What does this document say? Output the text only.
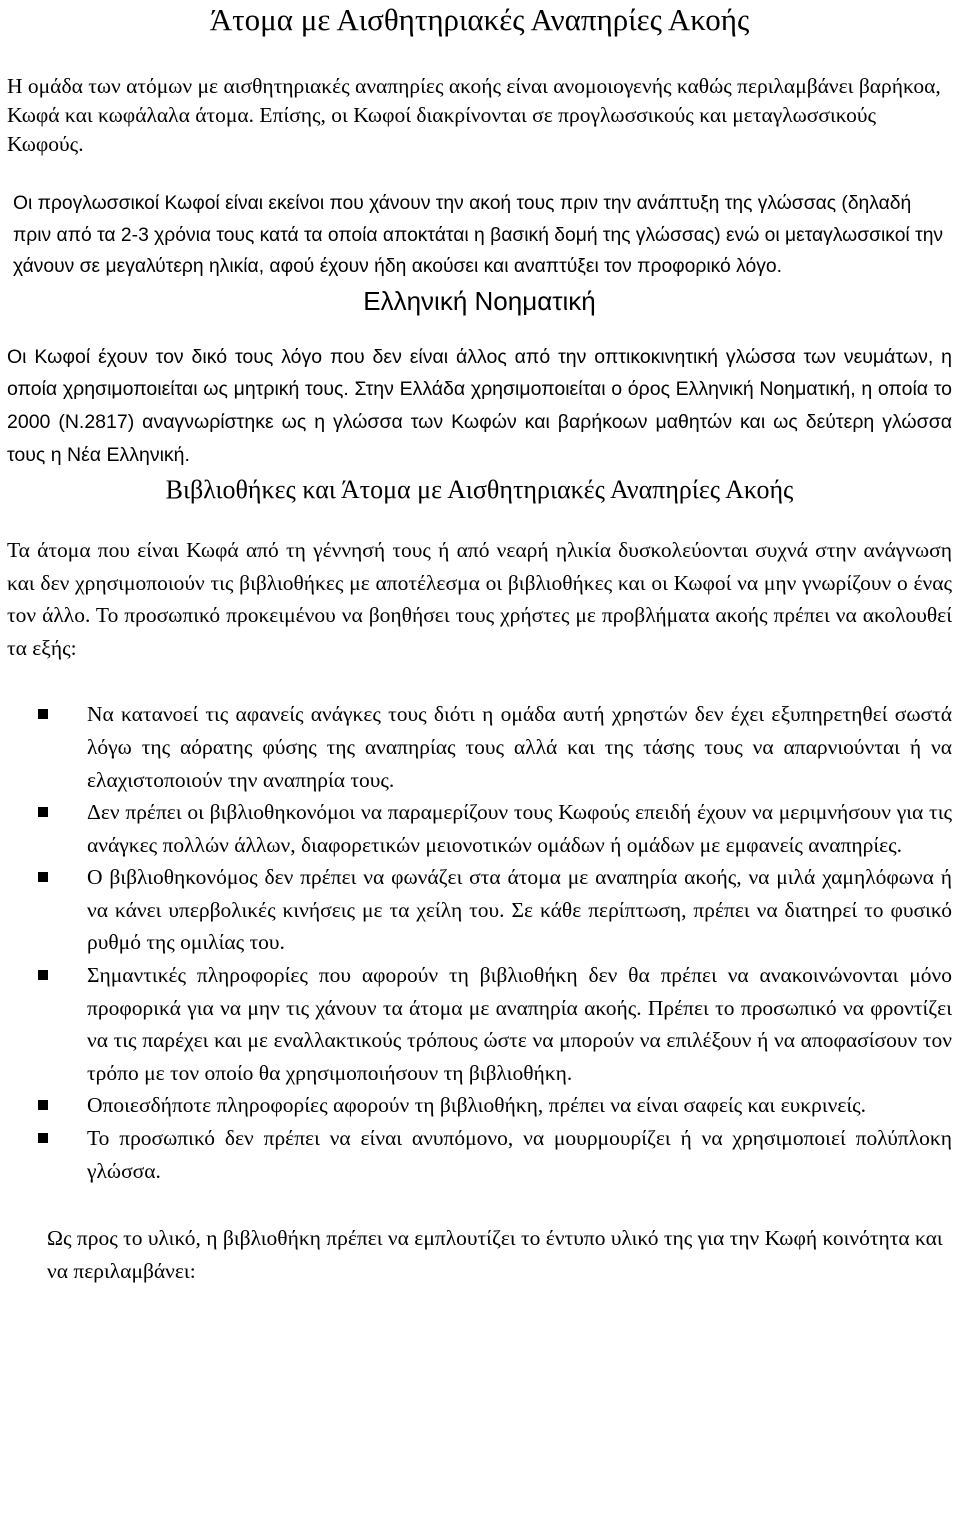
Άτομα με Αισθητηριακές Αναπηρίες Ακοής

Η ομάδα των ατόμων με αισθητηριακές αναπηρίες ακοής είναι ανομοιογενής καθώς περιλαμβάνει βαρήκοα, Κωφά και κωφάλαλα άτομα. Επίσης, οι Κωφοί διακρίνονται σε προγλωσσικούς και μεταγλωσσικούς Κωφούς.

Οι προγλωσσικοί Κωφοί είναι εκείνοι που χάνουν την ακοή τους πριν την ανάπτυξη της γλώσσας (δηλαδή πριν από τα 2-3 χρόνια τους κατά τα οποία αποκτάται η βασική δομή της γλώσσας) ενώ οι μεταγλωσσικοί την χάνουν σε μεγαλύτερη ηλικία, αφού έχουν ήδη ακούσει και αναπτύξει τον προφορικό λόγο.

Ελληνική Νοηματική

Οι Κωφοί έχουν τον δικό τους λόγο που δεν είναι άλλος από την οπτικοκινητική γλώσσα των νευμάτων, η οποία χρησιμοποιείται ως μητρική τους. Στην Ελλάδα χρησιμοποιείται ο όρος Ελληνική Νοηματική, η οποία το 2000 (Ν.2817) αναγνωρίστηκε ως η γλώσσα των Κωφών και βαρήκοων μαθητών και ως δεύτερη γλώσσα τους η Νέα Ελληνική.

Βιβλιοθήκες και Άτομα με Αισθητηριακές Αναπηρίες Ακοής

Τα άτομα που είναι Κωφά από τη γέννησή τους ή από νεαρή ηλικία δυσκολεύονται συχνά στην ανάγνωση και δεν χρησιμοποιούν τις βιβλιοθήκες με αποτέλεσμα οι βιβλιοθήκες και οι Κωφοί να μην γνωρίζουν ο ένας τον άλλο. Το προσωπικό προκειμένου να βοηθήσει τους χρήστες με προβλήματα ακοής πρέπει να ακολουθεί τα εξής:

Να κατανοεί τις αφανείς ανάγκες τους διότι η ομάδα αυτή χρηστών δεν έχει εξυπηρετηθεί σωστά λόγω της αόρατης φύσης της αναπηρίας τους αλλά και της τάσης τους να απαρνιούνται ή να ελαχιστοποιούν την αναπηρία τους.
Δεν πρέπει οι βιβλιοθηκονόμοι να παραμερίζουν τους Κωφούς επειδή έχουν να μεριμνήσουν για τις ανάγκες πολλών άλλων, διαφορετικών μειονοτικών ομάδων ή ομάδων με εμφανείς αναπηρίες.
Ο βιβλιοθηκονόμος δεν πρέπει να φωνάζει στα άτομα με αναπηρία ακοής, να μιλά χαμηλόφωνα ή να κάνει υπερβολικές κινήσεις με τα χείλη του. Σε κάθε περίπτωση, πρέπει να διατηρεί το φυσικό ρυθμό της ομιλίας του.
Σημαντικές πληροφορίες που αφορούν τη βιβλιοθήκη δεν θα πρέπει να ανακοινώνονται μόνο προφορικά για να μην τις χάνουν τα άτομα με αναπηρία ακοής. Πρέπει το προσωπικό να φροντίζει να τις παρέχει και με εναλλακτικούς τρόπους ώστε να μπορούν να επιλέξουν ή να αποφασίσουν τον τρόπο με τον οποίο θα χρησιμοποιήσουν τη βιβλιοθήκη.
Οποιεσδήποτε πληροφορίες αφορούν τη βιβλιοθήκη, πρέπει να είναι σαφείς και ευκρινείς.
Το προσωπικό δεν πρέπει να είναι ανυπόμονο, να μουρμουρίζει ή να χρησιμοποιεί πολύπλοκη γλώσσα.

Ως προς το υλικό, η βιβλιοθήκη πρέπει να εμπλουτίζει το έντυπο υλικό της για την Κωφή κοινότητα και να περιλαμβάνει:
